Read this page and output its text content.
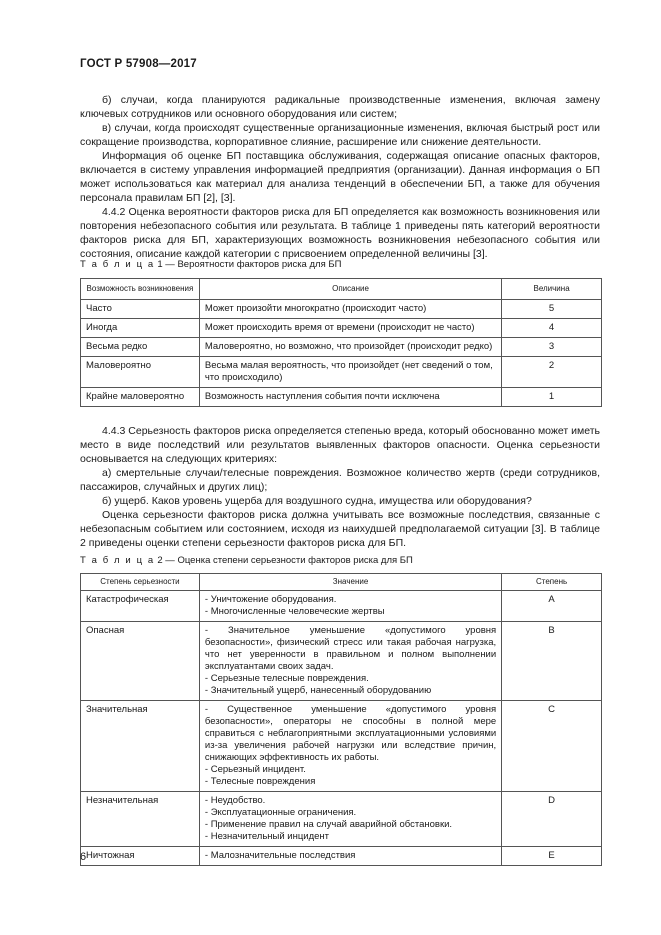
ГОСТ Р 57908—2017

б) случаи, когда планируются радикальные производственные изменения, включая замену ключевых сотрудников или основного оборудования или систем;

в) случаи, когда происходят существенные организационные изменения, включая быстрый рост или сокращение производства, корпоративное слияние, расширение или снижение деятельности.

Информация об оценке БП поставщика обслуживания, содержащая описание опасных факторов, включается в систему управления информацией предприятия (организации). Данная информация о БП может использоваться как материал для анализа тенденций в обеспечении БП, а также для обучения персонала правилам БП [2], [3].

4.4.2 Оценка вероятности факторов риска для БП определяется как возможность возникновения или повторения небезопасного события или результата. В таблице 1 приведены пять категорий вероятности факторов риска для БП, характеризующих возможность возникновения небезопасного события или состояния, описание каждой категории с присвоением определенной величины [3].

Т а б л и ц а 1 — Вероятности факторов риска для БП
Возможность возникновения	Описание	Величина
Часто	Может произойти многократно (происходит часто)	5
Иногда	Может происходить время от времени (происходит не часто)	4
Весьма редко	Маловероятно, но возможно, что произойдет (происходит редко)	3
Маловероятно	Весьма малая вероятность, что произойдет (нет сведений о том, что происходило)	2
Крайне маловероятно	Возможность наступления события почти исключена	1

4.4.3 Серьезность факторов риска определяется степенью вреда, который обоснованно может иметь место в виде последствий или результатов выявленных факторов опасности. Оценка серьезности основывается на следующих критериях:

а) смертельные случаи/телесные повреждения. Возможное количество жертв (среди сотрудников, пассажиров, случайных и других лиц);

б) ущерб. Каков уровень ущерба для воздушного судна, имущества или оборудования?

Оценка серьезности факторов риска должна учитывать все возможные последствия, связанные с небезопасным событием или состоянием, исходя из наихудшей предполагаемой ситуации [3]. В таблице 2 приведены оценки степени серьезности факторов риска для БП.

Т а б л и ц а 2 — Оценка степени серьезности факторов риска для БП
Степень серьезности	Значение	Степень
Катастрофическая	- Уничтожение оборудования.
- Многочисленные человеческие жертвы	A
Опасная	- Значительное уменьшение «допустимого уровня безопасности», физический стресс или такая рабочая нагрузка, что нет уверенности в правильном и полном выполнении эксплуатантами своих задач.
- Серьезные телесные повреждения.
- Значительный ущерб, нанесенный оборудованию	B
Значительная	- Существенное уменьшение «допустимого уровня безопасности», операторы не способны в полной мере справиться с неблагоприятными эксплуатационными условиями из-за увеличения рабочей нагрузки или вследствие причин, снижающих эффективность их работы.
- Серьезный инцидент.
- Телесные повреждения	C
Незначительная	- Неудобство.
- Эксплуатационные ограничения.
- Применение правил на случай аварийной обстановки.
- Незначительный инцидент	D
Ничтожная	- Малозначительные последствия	E
6
